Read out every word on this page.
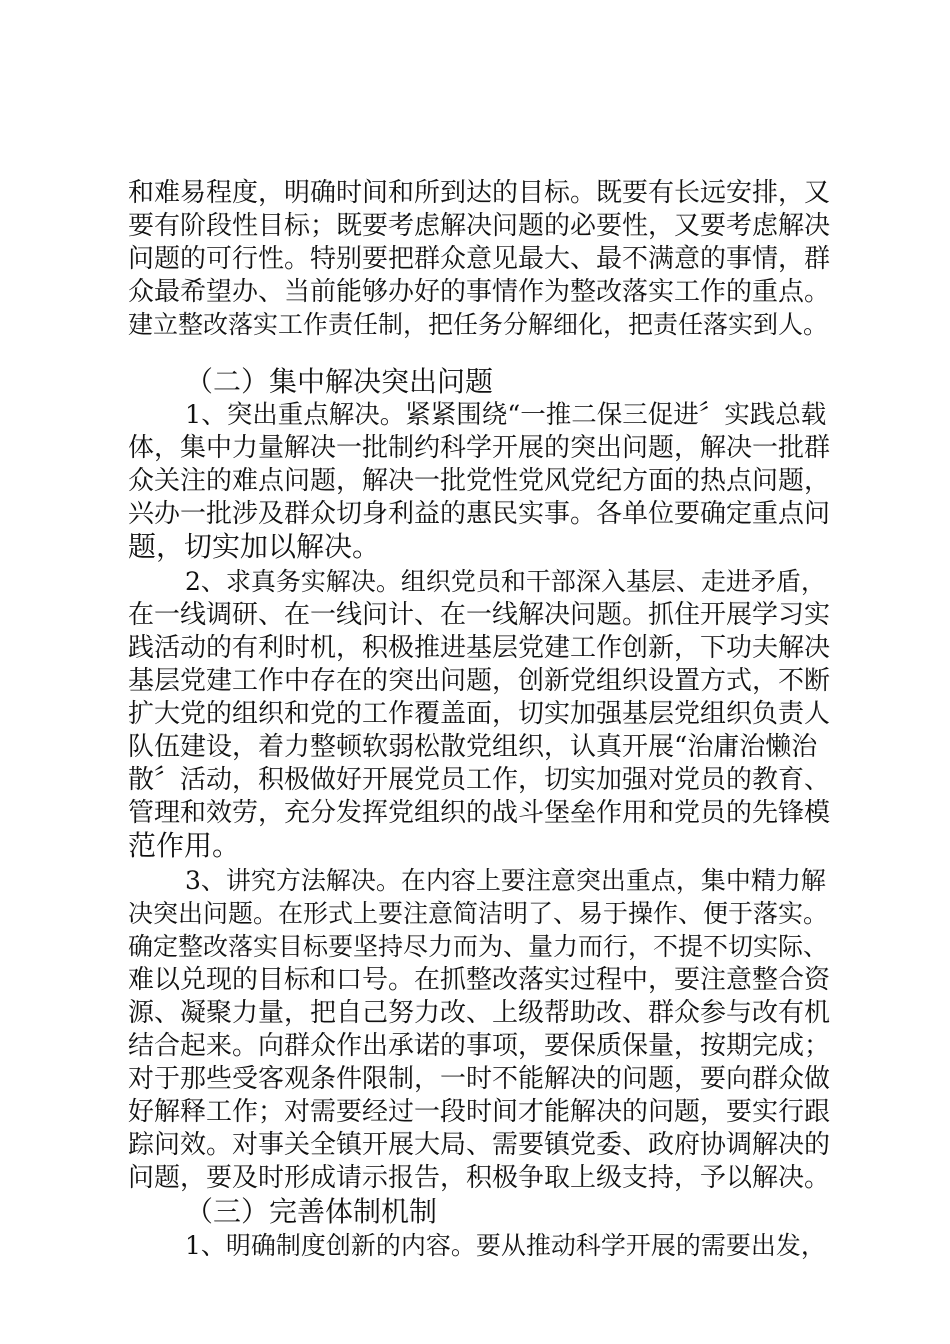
和难易程度，明确时间和所到达的目标。既要有长远安排，又
要有阶段性目标；既要考虑解决问题的必要性，又要考虑解决
问题的可行性。特别要把群众意见最大、最不满意的事情，群
众最希望办、当前能够办好的事情作为整改落实工作的重点。
建立整改落实工作责任制，把任务分解细化，把责任落实到人。
（二）集中解决突出问题
1、突出重点解决。紧紧围绕“一推二保三促进〞实践总载
体，集中力量解决一批制约科学开展的突出问题，解决一批群
众关注的难点问题，解决一批党性党风党纪方面的热点问题，
兴办一批涉及群众切身利益的惠民实事。各单位要确定重点问
题，切实加以解决。
2、求真务实解决。组织党员和干部深入基层、走进矛盾，
在一线调研、在一线问计、在一线解决问题。抓住开展学习实
践活动的有利时机，积极推进基层党建工作创新，下功夫解决
基层党建工作中存在的突出问题，创新党组织设置方式，不断
扩大党的组织和党的工作覆盖面，切实加强基层党组织负责人
队伍建设，着力整顿软弱松散党组织，认真开展“治庸治懒治
散〞活动，积极做好开展党员工作，切实加强对党员的教育、
管理和效劳，充分发挥党组织的战斗堡垒作用和党员的先锋模
范作用。
3、讲究方法解决。在内容上要注意突出重点，集中精力解
决突出问题。在形式上要注意简洁明了、易于操作、便于落实。
确定整改落实目标要坚持尽力而为、量力而行，不提不切实际、
难以兑现的目标和口号。在抓整改落实过程中，要注意整合资
源、凝聚力量，把自己努力改、上级帮助改、群众参与改有机
结合起来。向群众作出承诺的事项，要保质保量，按期完成；
对于那些受客观条件限制，一时不能解决的问题，要向群众做
好解释工作；对需要经过一段时间才能解决的问题，要实行跟
踪问效。对事关全镇开展大局、需要镇党委、政府协调解决的
问题，要及时形成请示报告，积极争取上级支持，予以解决。
（三）完善体制机制
1、明确制度创新的内容。要从推动科学开展的需要出发，
